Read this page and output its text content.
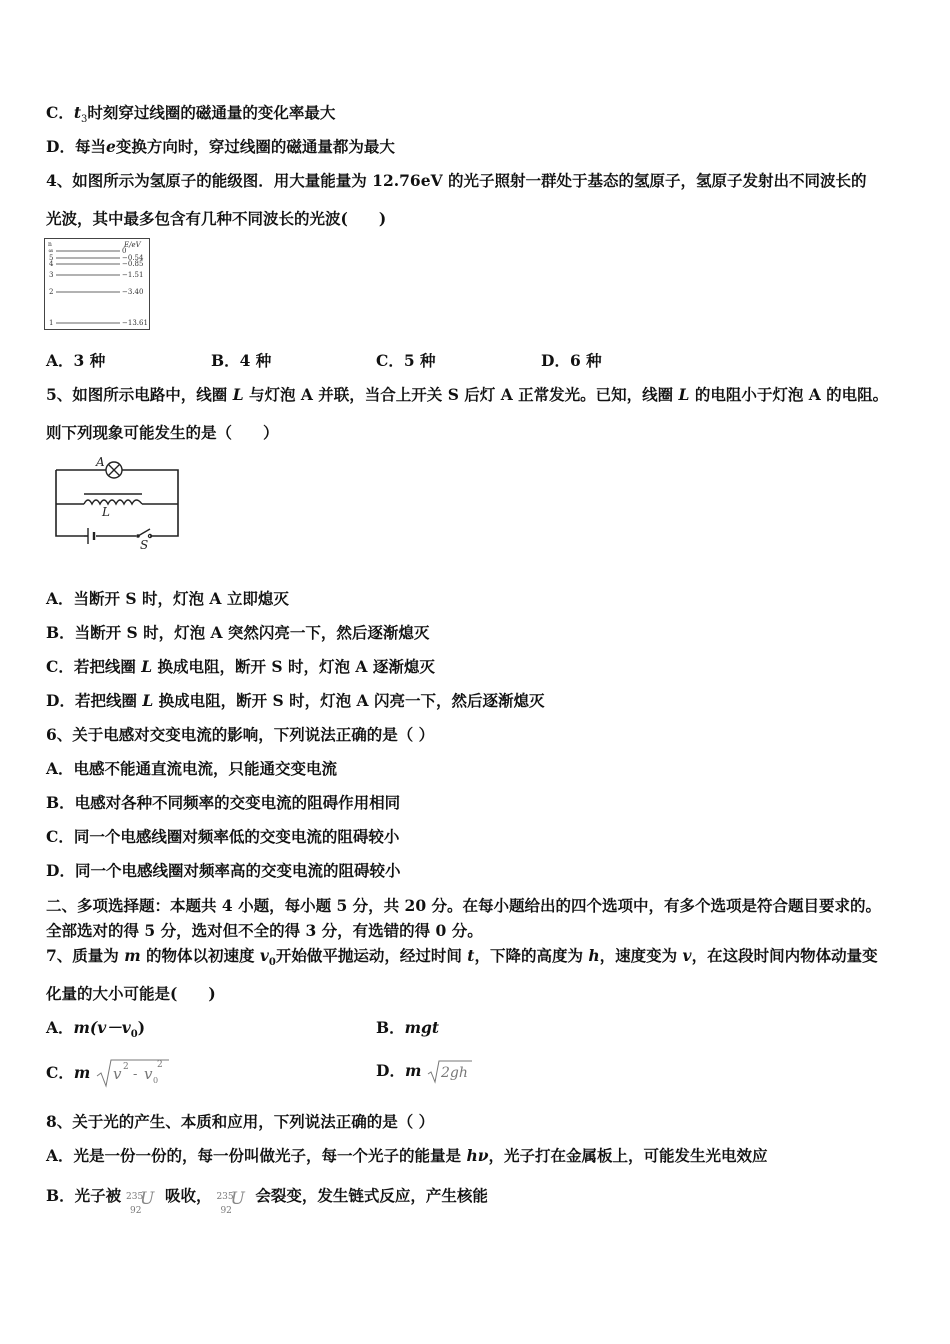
C．$t_3$时刻穿过线圈的磁通量的变化率最大
D．每当e变换方向时，穿过线圈的磁通量都为最大
4、如图所示为氢原子的能级图．用大量能量为 12.76eV 的光子照射一群处于基态的氢原子，氢原子发射出不同波长的
光波，其中最多包含有几种不同波长的光波(　　)
n	E/eV
∞	0
5	−0.54
4	−0.85
3	−1.51
2	−3.40
1	−13.61
A．3 种	B．4 种	C．5 种	D．6 种
5、如图所示电路中，线圈 L 与灯泡 A 并联，当合上开关 S 后灯 A 正常发光。已知，线圈 L 的电阻小于灯泡 A 的电阻。
则下列现象可能发生的是（　　）
A
L
S
A．当断开 S 时，灯泡 A 立即熄灭
B．当断开 S 时，灯泡 A 突然闪亮一下，然后逐渐熄灭
C．若把线圈 L 换成电阻，断开 S 时，灯泡 A 逐渐熄灭
D．若把线圈 L 换成电阻，断开 S 时，灯泡 A 闪亮一下，然后逐渐熄灭
6、关于电感对交变电流的影响，下列说法正确的是（ ）
A．电感不能通直流电流，只能通交变电流
B．电感对各种不同频率的交变电流的阻碍作用相同
C．同一个电感线圈对频率低的交变电流的阻碍较小
D．同一个电感线圈对频率高的交变电流的阻碍较小
二、多项选择题：本题共 4 小题，每小题 5 分，共 20 分。在每小题给出的四个选项中，有多个选项是符合题目要求的。
全部选对的得 5 分，选对但不全的得 3 分，有选错的得 0 分。
7、质量为 m 的物体以初速度 $v_0$开始做平抛运动，经过时间 t，下降的高度为 h，速度变为 v，在这段时间内物体动量变
化量的大小可能是(　　)
A．$m(v-v_0)$	B．mgt
C．m v 2 - v 0
2	D．m 2gh
8、关于光的产生、本质和应用，下列说法正确的是（ ）
A．光是一份一份的，每一份叫做光子，每一个光子的能量是 hν，光子打在金属板上，可能发生光电效应
B．光子被 235
92
U 吸收， 235
92
U 会裂变，发生链式反应，产生核能
